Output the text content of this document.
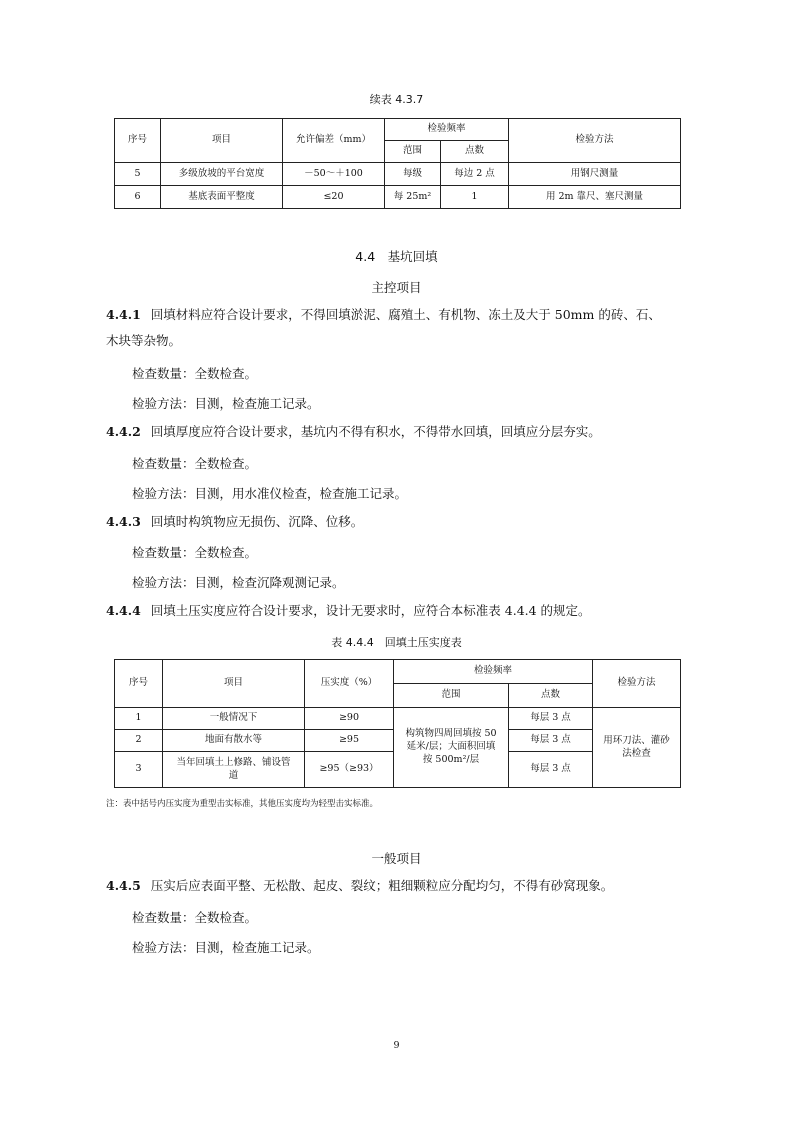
续表 4.3.7
序号	项目	允许偏差（mm）	检验频率		检验方法
			范围	点数	
5	多级放坡的平台宽度	－50～＋100	每级	每边 2 点	用钢尺测量
6	基底表面平整度	≤20	每 25m²	1	用 2m 靠尺、塞尺测量
4.4　基坑回填
主控项目
4.4.1 回填材料应符合设计要求，不得回填淤泥、腐殖土、有机物、冻土及大于 50mm 的砖、石、
木块等杂物。
检查数量：全数检查。
检验方法：目测，检查施工记录。
4.4.2 回填厚度应符合设计要求，基坑内不得有积水，不得带水回填，回填应分层夯实。
检查数量：全数检查。
检验方法：目测，用水准仪检查，检查施工记录。
4.4.3 回填时构筑物应无损伤、沉降、位移。
检查数量：全数检查。
检验方法：目测，检查沉降观测记录。
4.4.4 回填土压实度应符合设计要求，设计无要求时，应符合本标准表 4.4.4 的规定。
表 4.4.4　回填土压实度表
序号	项目	压实度（%）	检验频率		检验方法
			范围	点数	
1	一般情况下	≥90	构筑物四周回填按 50 延米/层；大面积回填按 500m²/层	每层 3 点	用环刀法、灌砂法检查
2	地面有散水等	≥95		每层 3 点	
3	当年回填土上修路、铺设管道	≥95（≥93）		每层 3 点	
注：表中括号内压实度为重型击实标准，其他压实度均为轻型击实标准。
一般项目
4.4.5 压实后应表面平整、无松散、起皮、裂纹；粗细颗粒应分配均匀，不得有砂窝现象。
检查数量：全数检查。
检验方法：目测，检查施工记录。
9
